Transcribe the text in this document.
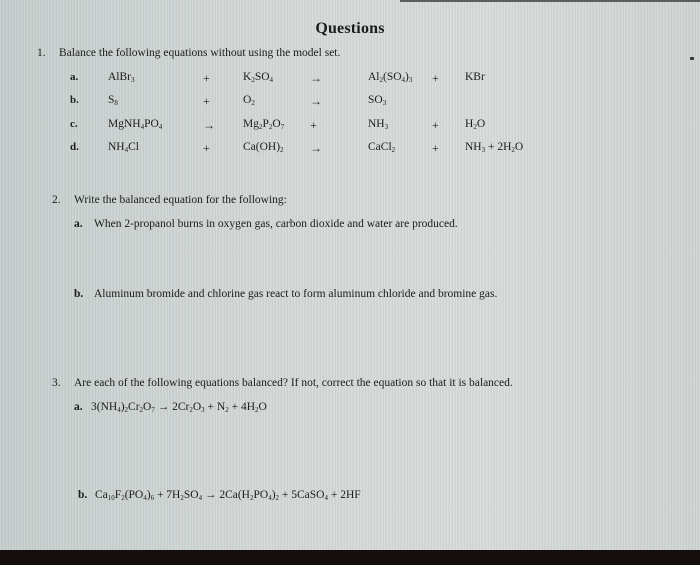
Questions
1. Balance the following equations without using the model set.
a.	AlBr$_3$	+	$K_2SO_4$	→	$Al_2(SO_4)_3$ + KBr
b.	$S_8$	+	$O_2$	→	$SO_3$
c.	$MgNH_4PO_4$	→ $Mg_2P_2O_7$ +	$NH_3$	+ $H_2O$
d.	$NH_4Cl$	+	$Ca(OH)_2$ →	CaCl$_2$	+ $NH_3 + 2H_2O$
2. Write the balanced equation for the following:
a. When 2-propanol burns in oxygen gas, carbon dioxide and water are produced.
b. Aluminum bromide and chlorine gas react to form aluminum chloride and bromine gas.
3. Are each of the following equations balanced? If not, correct the equation so that it is balanced.
a. $3(NH_4)_2Cr_2O_7 \to 2Cr_2O_3 + N_2 + 4H_2O$
b. $Ca_{10}F_2(PO_4)_6 + 7H_2SO_4 \to 2Ca(H_2PO_4)_2$ + 5CaSO$_4$ + 2HF
